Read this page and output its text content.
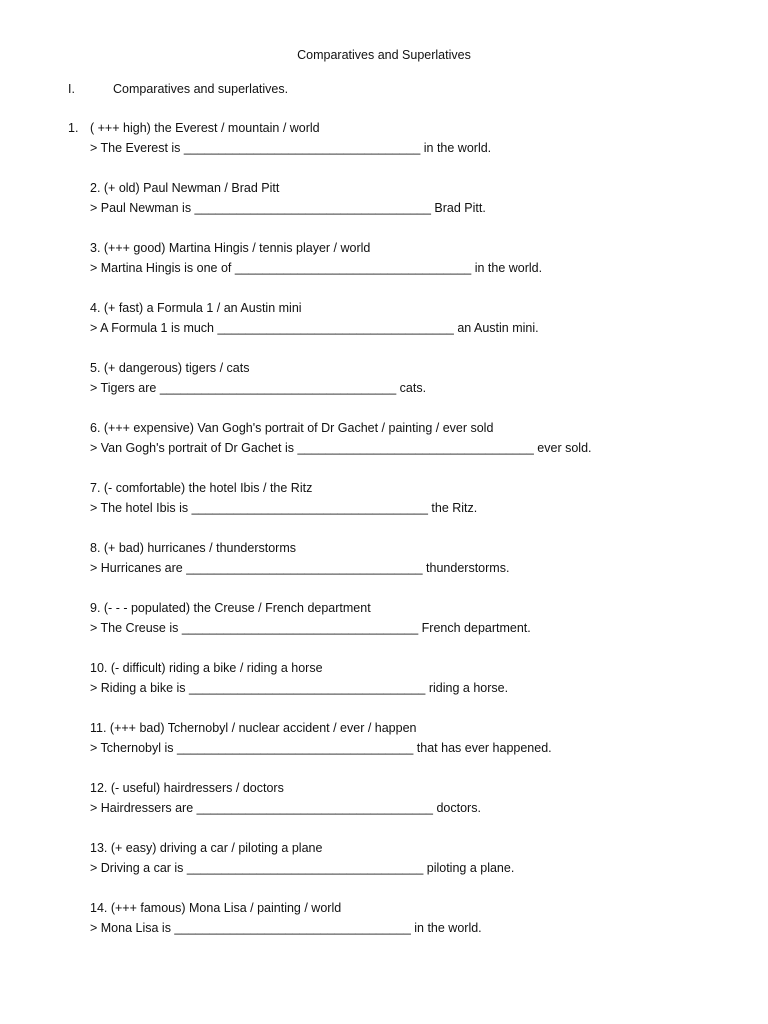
Comparatives and Superlatives
I.	Comparatives and superlatives.
1. ( +++ high) the Everest / mountain / world
> The Everest is __________________________________ in the world.
2. (+ old) Paul Newman / Brad Pitt
> Paul Newman is __________________________________ Brad Pitt.
3. (+++ good) Martina Hingis / tennis player / world
> Martina Hingis is one of __________________________________ in the world.
4. (+ fast) a Formula 1 / an Austin mini
> A Formula 1 is much __________________________________ an Austin mini.
5. (+ dangerous) tigers / cats
> Tigers are __________________________________ cats.
6. (+++ expensive) Van Gogh's portrait of Dr Gachet / painting / ever sold
> Van Gogh's portrait of Dr Gachet is __________________________________ ever sold.
7. (- comfortable) the hotel Ibis / the Ritz
> The hotel Ibis is __________________________________ the Ritz.
8. (+ bad) hurricanes / thunderstorms
> Hurricanes are __________________________________ thunderstorms.
9. (- - - populated) the Creuse / French department
> The Creuse is __________________________________ French department.
10. (- difficult) riding a bike / riding a horse
> Riding a bike is __________________________________ riding a horse.
11. (+++ bad) Tchernobyl / nuclear accident / ever / happen
> Tchernobyl is __________________________________ that has ever happened.
12. (- useful) hairdressers / doctors
> Hairdressers are __________________________________ doctors.
13. (+ easy) driving a car / piloting a plane
> Driving a car is __________________________________ piloting a plane.
14. (+++ famous) Mona Lisa / painting / world
> Mona Lisa is __________________________________ in the world.
